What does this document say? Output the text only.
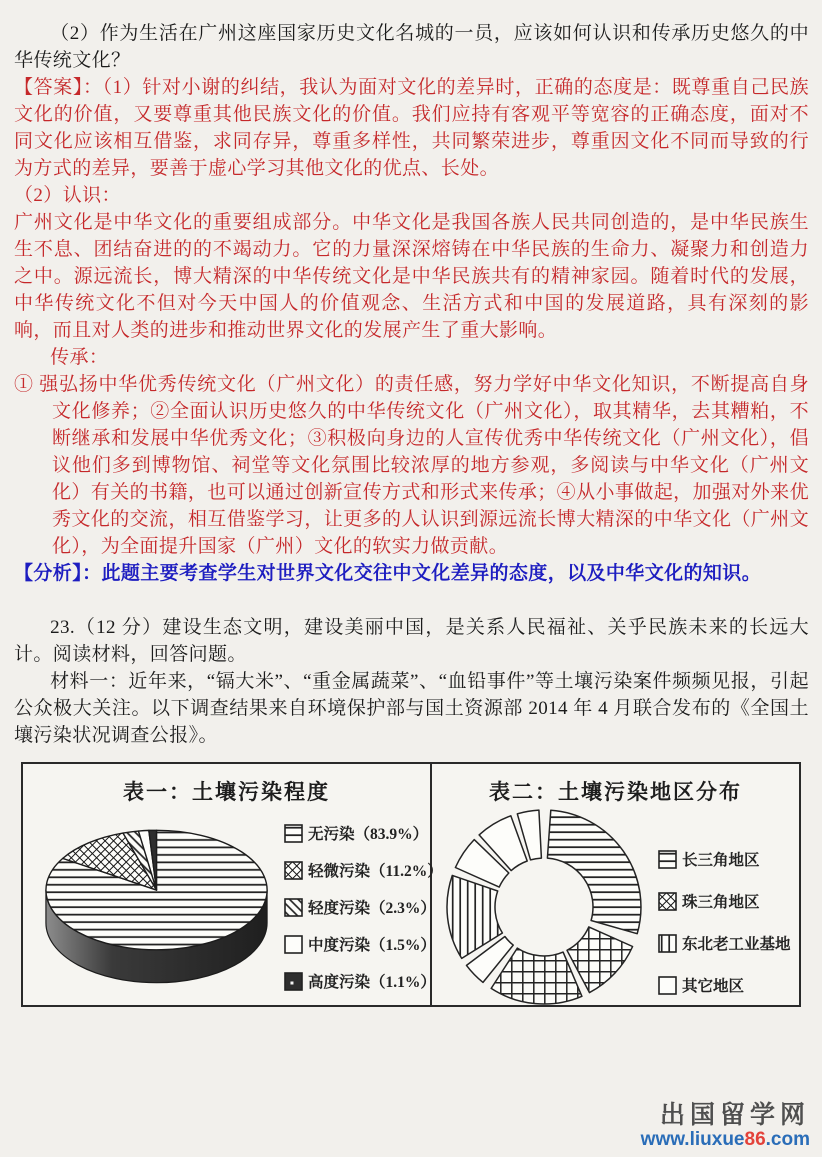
（2）作为生活在广州这座国家历史文化名城的一员，应该如何认识和传承历史悠久的中华传统文化？

【答案】：（1）针对小谢的纠结，我认为面对文化的差异时，正确的态度是：既尊重自己民族文化的价值，又要尊重其他民族文化的价值。我们应持有客观平等宽容的正确态度，面对不同文化应该相互借鉴，求同存异，尊重多样性，共同繁荣进步，尊重因文化不同而导致的行为方式的差异，要善于虚心学习其他文化的优点、长处。

（2）认识：

广州文化是中华文化的重要组成部分。中华文化是我国各族人民共同创造的，是中华民族生生不息、团结奋进的的不竭动力。它的力量深深熔铸在中华民族的生命力、凝聚力和创造力之中。源远流长，博大精深的中华传统文化是中华民族共有的精神家园。随着时代的发展，中华传统文化不但对今天中国人的价值观念、生活方式和中国的发展道路，具有深刻的影响，而且对人类的进步和推动世界文化的发展产生了重大影响。

传承：

① 强弘扬中华优秀传统文化（广州文化）的责任感，努力学好中华文化知识，不断提高自身文化修养；②全面认识历史悠久的中华传统文化（广州文化），取其精华，去其糟粕，不断继承和发展中华优秀文化；③积极向身边的人宣传优秀中华传统文化（广州文化），倡议他们多到博物馆、祠堂等文化氛围比较浓厚的地方参观，多阅读与中华文化（广州文化）有关的书籍，也可以通过创新宣传方式和形式来传承；④从小事做起，加强对外来优秀文化的交流，相互借鉴学习，让更多的人认识到源远流长博大精深的中华文化（广州文化），为全面提升国家（广州）文化的软实力做贡献。

【分析】：此题主要考查学生对世界文化交往中文化差异的态度，以及中华文化的知识。

23.（12 分）建设生态文明，建设美丽中国，是关系人民福祉、关乎民族未来的长远大计。阅读材料，回答问题。

材料一：近年来，“镉大米”、“重金属蔬菜”、“血铅事件”等土壤污染案件频频见报，引起公众极大关注。以下调查结果来自环境保护部与国土资源部 2014 年 4 月联合发布的《全国土壤污染状况调查公报》。

表一：土壤污染程度
无污染（83.9%）
轻微污染（11.2%）
轻度污染（2.3%）
中度污染（1.5%）
高度污染（1.1%）
表二：土壤污染地区分布
长三角地区
珠三角地区
东北老工业基地
其它地区
出国留学网
www.liuxue86.com
